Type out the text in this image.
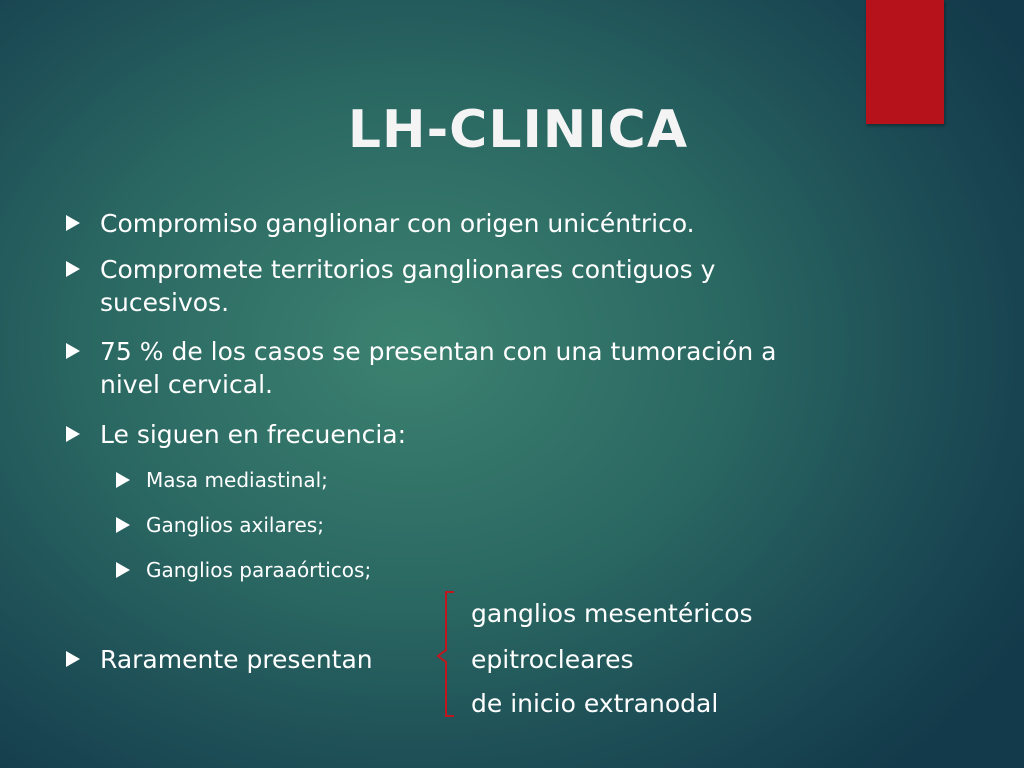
LH-CLINICA
Compromiso ganglionar con origen unicéntrico.
Compromete territorios ganglionares contiguos y
sucesivos.
75 % de los casos se presentan con una tumoración a
nivel cervical.
Le siguen en frecuencia:
Masa mediastinal;
Ganglios axilares;
Ganglios paraaórticos;
Raramente presentan
ganglios mesentéricos
epitrocleares
de inicio extranodal
